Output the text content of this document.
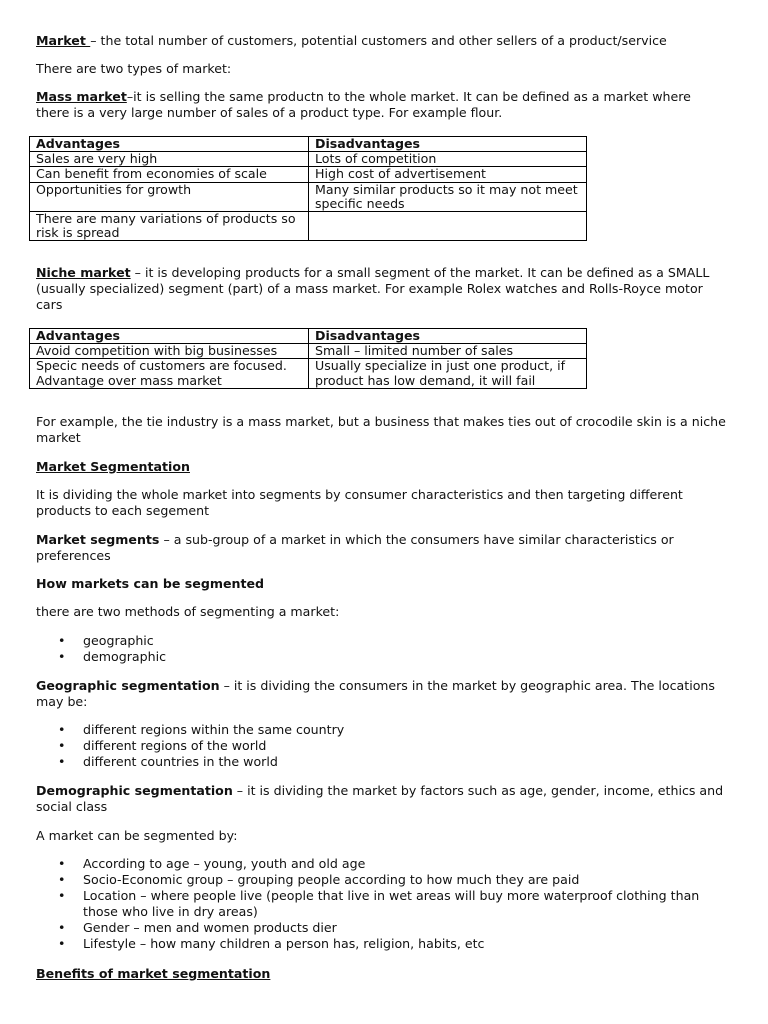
Market – the total number of customers, potential customers and other sellers of a product/service

There are two types of market:

Mass market–it is selling the same productn to the whole market. It can be defined as a market where there is a very large number of sales of a product type. For example flour.

Advantages	Disadvantages
Sales are very high	Lots of competition
Can benefit from economies of scale	High cost of advertisement
Opportunities for growth	Many similar products so it may not meet specific needs
There are many variations of products so risk is spread	

Niche market – it is developing products for a small segment of the market. It can be defined as a SMALL (usually specialized) segment (part) of a mass market. For example Rolex watches and Rolls-Royce motor cars

Advantages	Disadvantages
Avoid competition with big businesses	Small – limited number of sales
Specic needs of customers are focused. Advantage over mass market	Usually specialize in just one product, if product has low demand, it will fail

For example, the tie industry is a mass market, but a business that makes ties out of crocodile skin is a niche market

Market Segmentation

It is dividing the whole market into segments by consumer characteristics and then targeting different products to each segement

Market segments – a sub-group of a market in which the consumers have similar characteristics or preferences

How markets can be segmented

there are two methods of segmenting a market:

• geographic
• demographic

Geographic segmentation – it is dividing the consumers in the market by geographic area. The locations may be:

• different regions within the same country
• different regions of the world
• different countries in the world

Demographic segmentation – it is dividing the market by factors such as age, gender, income, ethics and social class

A market can be segmented by:

• According to age – young, youth and old age
• Socio-Economic group – grouping people according to how much they are paid
• Location – where people live (people that live in wet areas will buy more waterproof clothing than those who live in dry areas)
• Gender – men and women products dier
• Lifestyle – how many children a person has, religion, habits, etc

Benefits of market segmentation
